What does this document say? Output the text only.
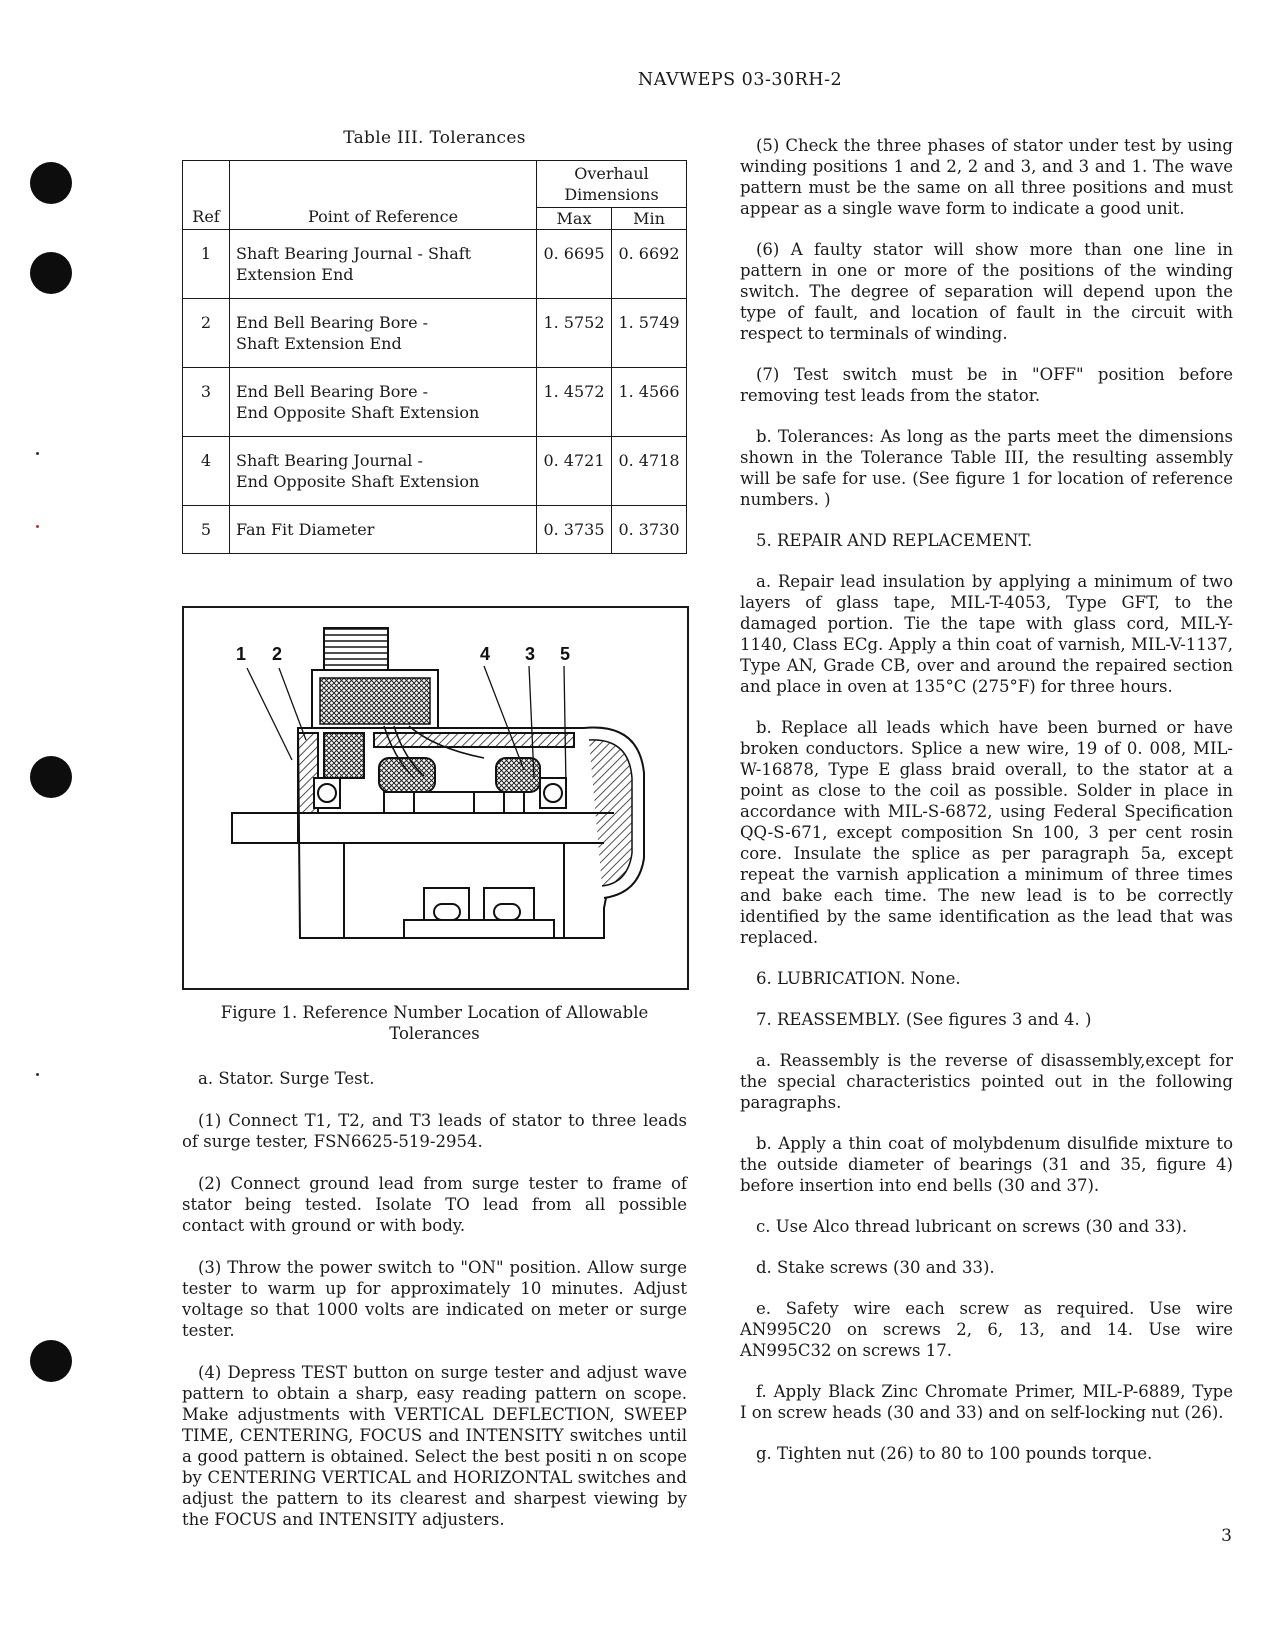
NAVWEPS 03-30RH-2
Table III. Tolerances
Ref	Point of Reference	Overhaul Dimensions	
		Max	Min
1	Shaft Bearing Journal - Shaft
Extension End	0. 6695	0. 6692
2	End Bell Bearing Bore -
Shaft Extension End	1. 5752	1. 5749
3	End Bell Bearing Bore -
End Opposite Shaft Extension	1. 4572	1. 4566
4	Shaft Bearing Journal -
End Opposite Shaft Extension	0. 4721	0. 4718
5	Fan Fit Diameter	0. 3735	0. 3730
1 2	4 3 5
Figure 1. Reference Number Location of Allowable
Tolerances

a. Stator. Surge Test.

(1) Connect T1, T2, and T3 leads of stator to three leads of surge tester, FSN6625-519-2954.

(2) Connect ground lead from surge tester to frame of stator being tested. Isolate TO lead from all possible contact with ground or with body.

(3) Throw the power switch to "ON" position. Allow surge tester to warm up for approximately 10 minutes. Adjust voltage so that 1000 volts are indicated on meter or surge tester.

(4) Depress TEST button on surge tester and adjust wave pattern to obtain a sharp, easy reading pattern on scope. Make adjustments with VERTICAL DEFLECTION, SWEEP TIME, CENTERING, FOCUS and INTENSITY switches until a good pattern is obtained. Select the best positi n on scope by CENTERING VERTICAL and HORIZONTAL switches and adjust the pattern to its clearest and sharpest viewing by the FOCUS and INTENSITY adjusters.

(5) Check the three phases of stator under test by using winding positions 1 and 2, 2 and 3, and 3 and 1. The wave pattern must be the same on all three positions and must appear as a single wave form to indicate a good unit.

(6) A faulty stator will show more than one line in pattern in one or more of the positions of the winding switch. The degree of separation will depend upon the type of fault, and location of fault in the circuit with respect to terminals of winding.

(7) Test switch must be in "OFF" position before removing test leads from the stator.

b. Tolerances: As long as the parts meet the dimensions shown in the Tolerance Table III, the resulting assembly will be safe for use. (See figure 1 for location of reference numbers. )

5. REPAIR AND REPLACEMENT.

a. Repair lead insulation by applying a minimum of two layers of glass tape, MIL-T-4053, Type GFT, to the damaged portion. Tie the tape with glass cord, MIL-Y-1140, Class ECg. Apply a thin coat of varnish, MIL-V-1137, Type AN, Grade CB, over and around the repaired section and place in oven at 135°C (275°F) for three hours.

b. Replace all leads which have been burned or have broken conductors. Splice a new wire, 19 of 0. 008, MIL-W-16878, Type E glass braid overall, to the stator at a point as close to the coil as possible. Solder in place in accordance with MIL-S-6872, using Federal Specification QQ-S-671, except composition Sn 100, 3 per cent rosin core. Insulate the splice as per paragraph 5a, except repeat the varnish application a minimum of three times and bake each time. The new lead is to be correctly identified by the same identification as the lead that was replaced.

6. LUBRICATION. None.

7. REASSEMBLY. (See figures 3 and 4. )

a. Reassembly is the reverse of disassembly,except for the special characteristics pointed out in the following paragraphs.

b. Apply a thin coat of molybdenum disulfide mixture to the outside diameter of bearings (31 and 35, figure 4) before insertion into end bells (30 and 37).

c. Use Alco thread lubricant on screws (30 and 33).

d. Stake screws (30 and 33).

e. Safety wire each screw as required. Use wire AN995C20 on screws 2, 6, 13, and 14. Use wire AN995C32 on screws 17.

f. Apply Black Zinc Chromate Primer, MIL-P-6889, Type I on screw heads (30 and 33) and on self-locking nut (26).

g. Tighten nut (26) to 80 to 100 pounds torque.

3
